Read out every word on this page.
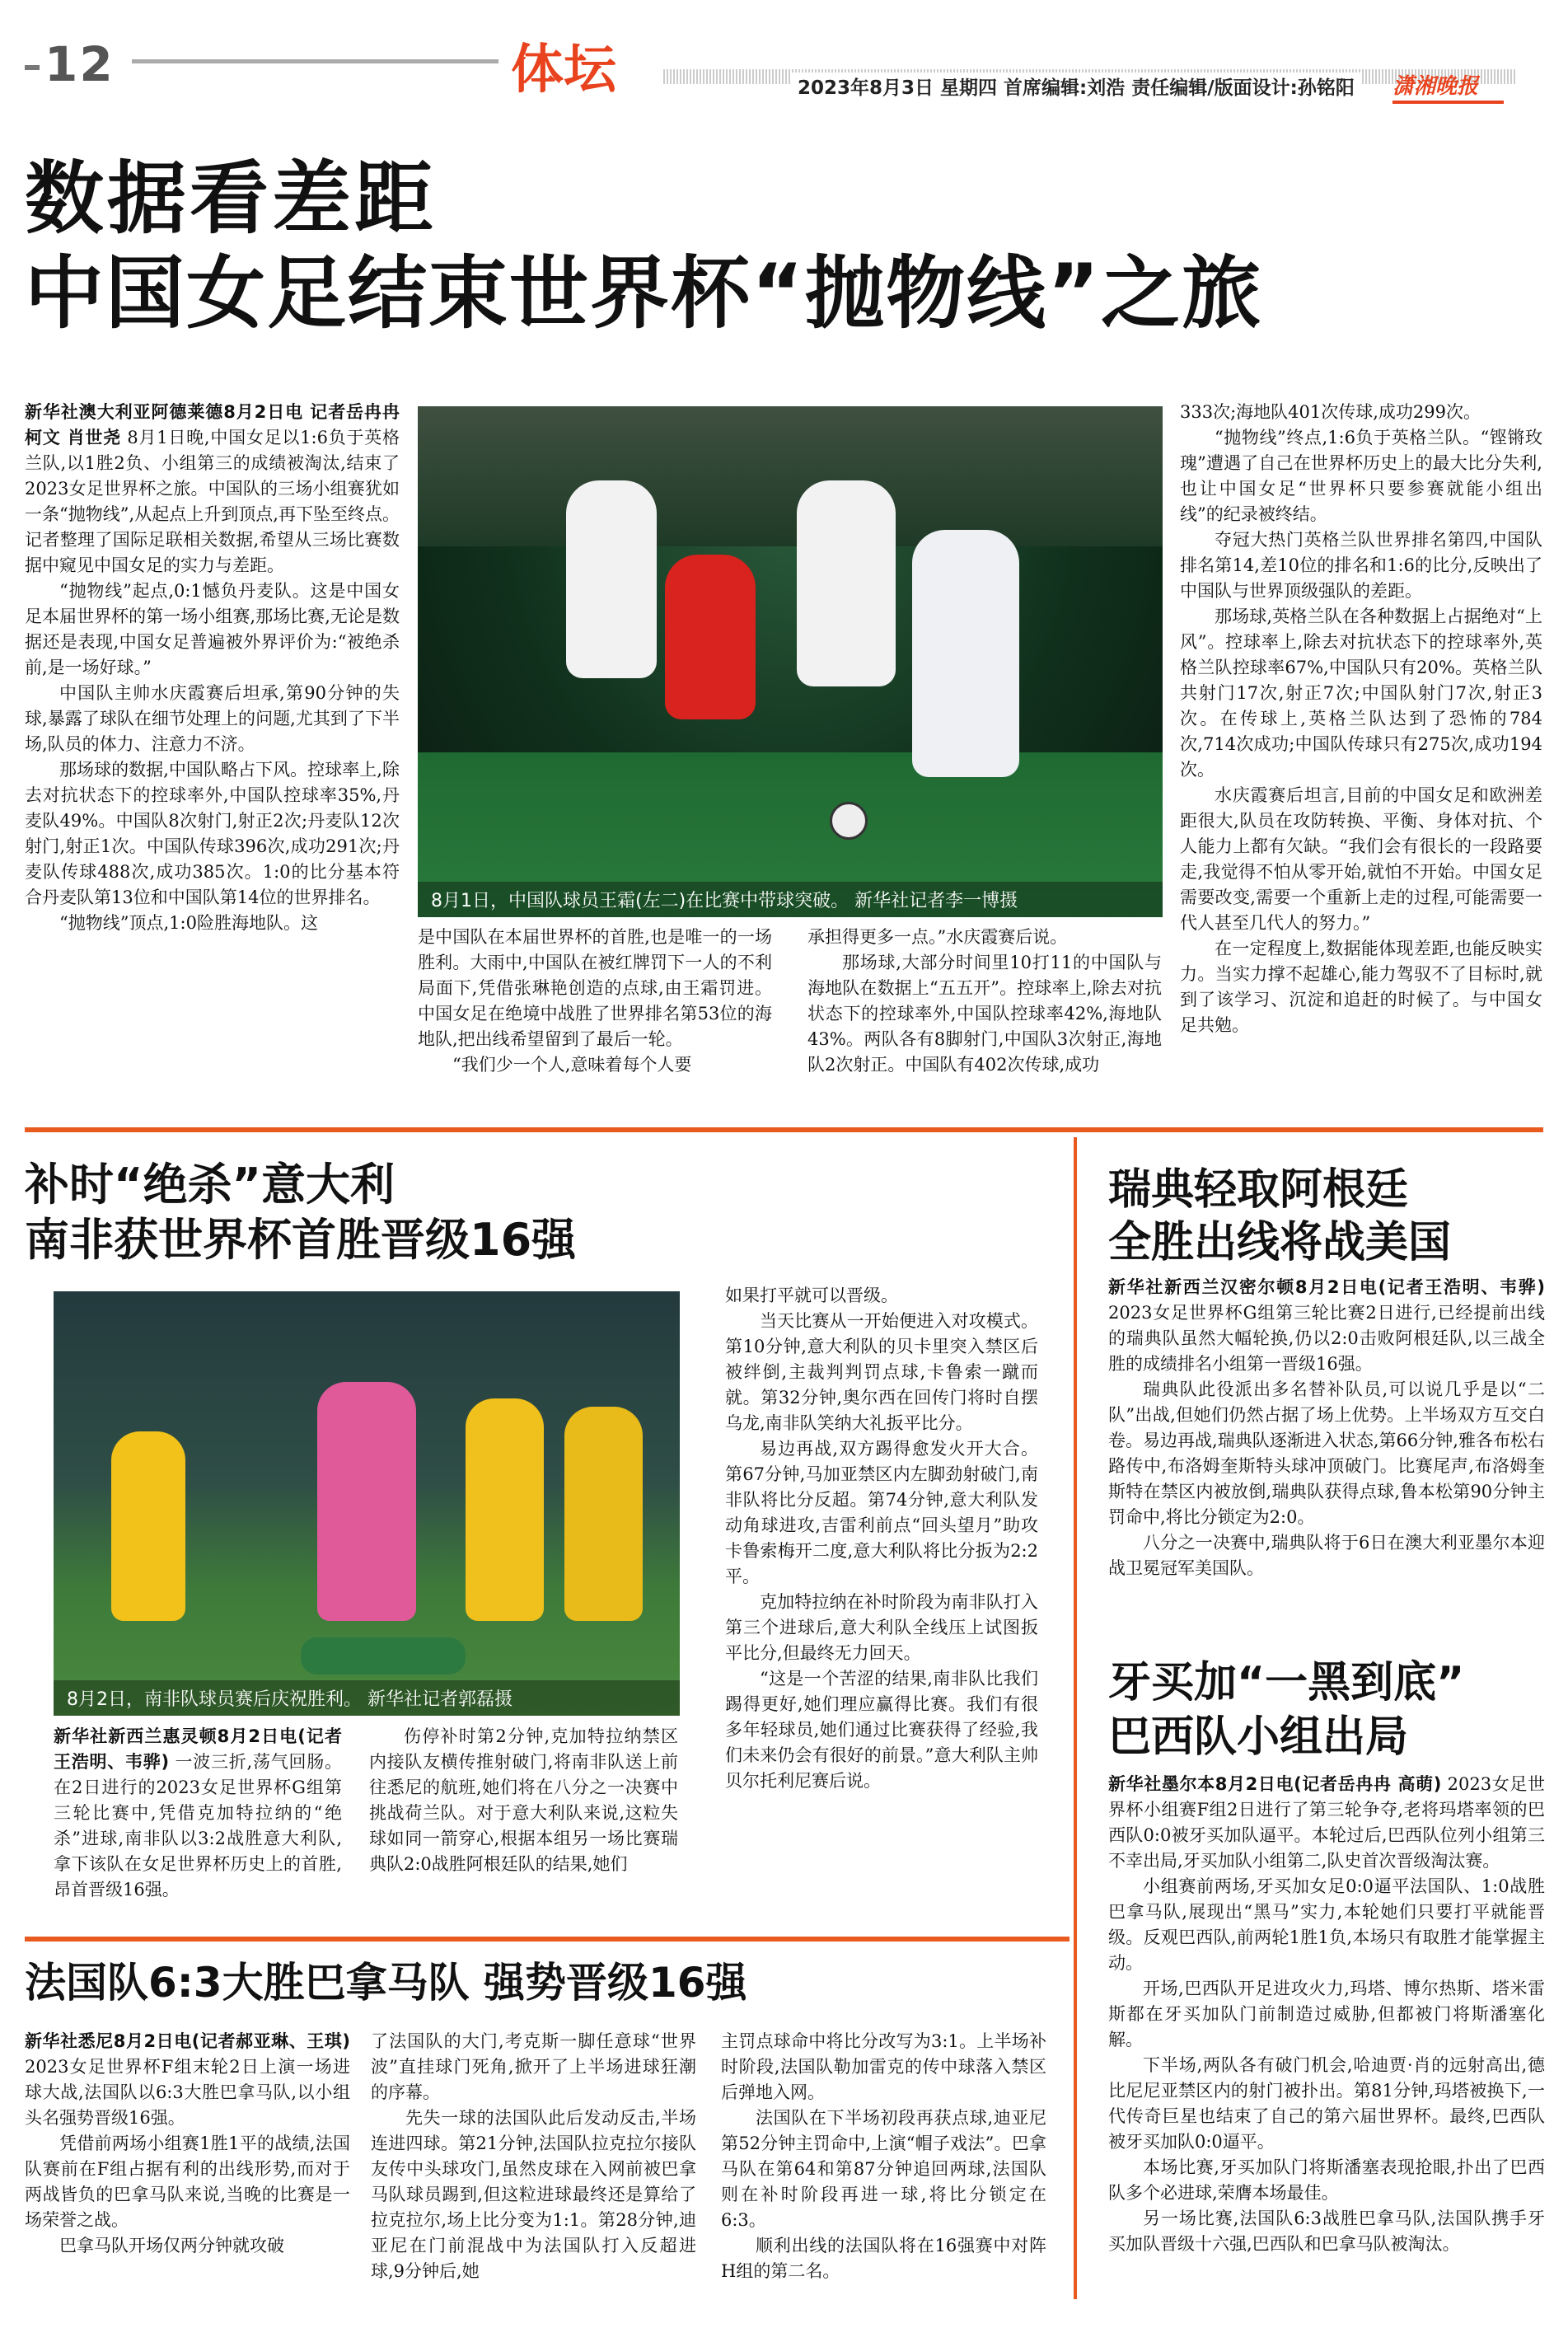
12	体坛	2023年8月3日 星期四 首席编辑:刘浩 责任编辑/版面设计:孙铭阳	潇湘晚报
数据看差距
中国女足结束世界杯“抛物线”之旅
8月1日，中国队球员王霜(左二)在比赛中带球突破。 新华社记者李一博摄

新华社澳大利亚阿德莱德8月2日电 记者岳冉冉 柯文 肖世尧 8月1日晚,中国女足以1:6负于英格兰队,以1胜2负、小组第三的成绩被淘汰,结束了2023女足世界杯之旅。中国队的三场小组赛犹如一条“抛物线”,从起点上升到顶点,再下坠至终点。记者整理了国际足联相关数据,希望从三场比赛数据中窥见中国女足的实力与差距。

“抛物线”起点,0:1憾负丹麦队。这是中国女足本届世界杯的第一场小组赛,那场比赛,无论是数据还是表现,中国女足普遍被外界评价为:“被绝杀前,是一场好球。”

中国队主帅水庆霞赛后坦承,第90分钟的失球,暴露了球队在细节处理上的问题,尤其到了下半场,队员的体力、注意力不济。

那场球的数据,中国队略占下风。控球率上,除去对抗状态下的控球率外,中国队控球率35%,丹麦队49%。中国队8次射门,射正2次;丹麦队12次射门,射正1次。中国队传球396次,成功291次;丹麦队传球488次,成功385次。1:0的比分基本符合丹麦队第13位和中国队第14位的世界排名。

“抛物线”顶点,1:0险胜海地队。这

是中国队在本届世界杯的首胜,也是唯一的一场胜利。大雨中,中国队在被红牌罚下一人的不利局面下,凭借张琳艳创造的点球,由王霜罚进。中国女足在绝境中战胜了世界排名第53位的海地队,把出线希望留到了最后一轮。

“我们少一个人,意味着每个人要

承担得更多一点。”水庆霞赛后说。

那场球,大部分时间里10打11的中国队与海地队在数据上“五五开”。控球率上,除去对抗状态下的控球率外,中国队控球率42%,海地队43%。两队各有8脚射门,中国队3次射正,海地队2次射正。中国队有402次传球,成功

333次;海地队401次传球,成功299次。

“抛物线”终点,1:6负于英格兰队。“铿锵玫瑰”遭遇了自己在世界杯历史上的最大比分失利,也让中国女足“世界杯只要参赛就能小组出线”的纪录被终结。

夺冠大热门英格兰队世界排名第四,中国队排名第14,差10位的排名和1:6的比分,反映出了中国队与世界顶级强队的差距。

那场球,英格兰队在各种数据上占据绝对“上风”。控球率上,除去对抗状态下的控球率外,英格兰队控球率67%,中国队只有20%。英格兰队共射门17次,射正7次;中国队射门7次,射正3次。在传球上,英格兰队达到了恐怖的784次,714次成功;中国队传球只有275次,成功194次。

水庆霞赛后坦言,目前的中国女足和欧洲差距很大,队员在攻防转换、平衡、身体对抗、个人能力上都有欠缺。“我们会有很长的一段路要走,我觉得不怕从零开始,就怕不开始。中国女足需要改变,需要一个重新上走的过程,可能需要一代人甚至几代人的努力。”

在一定程度上,数据能体现差距,也能反映实力。当实力撑不起雄心,能力驾驭不了目标时,就到了该学习、沉淀和追赶的时候了。与中国女足共勉。

补时“绝杀”意大利
南非获世界杯首胜晋级16强
8月2日，南非队球员赛后庆祝胜利。 新华社记者郭磊摄

新华社新西兰惠灵顿8月2日电(记者王浩明、韦骅) 一波三折,荡气回肠。在2日进行的2023女足世界杯G组第三轮比赛中,凭借克加特拉纳的“绝杀”进球,南非队以3:2战胜意大利队,拿下该队在女足世界杯历史上的首胜,昂首晋级16强。

伤停补时第2分钟,克加特拉纳禁区内接队友横传推射破门,将南非队送上前往悉尼的航班,她们将在八分之一决赛中挑战荷兰队。对于意大利队来说,这粒失球如同一箭穿心,根据本组另一场比赛瑞典队2:0战胜阿根廷队的结果,她们

如果打平就可以晋级。

当天比赛从一开始便进入对攻模式。第10分钟,意大利队的贝卡里突入禁区后被绊倒,主裁判判罚点球,卡鲁索一蹴而就。第32分钟,奥尔西在回传门将时自摆乌龙,南非队笑纳大礼扳平比分。

易边再战,双方踢得愈发火开大合。第67分钟,马加亚禁区内左脚劲射破门,南非队将比分反超。第74分钟,意大利队发动角球进攻,吉雷利前点“回头望月”助攻卡鲁索梅开二度,意大利队将比分扳为2:2平。

克加特拉纳在补时阶段为南非队打入第三个进球后,意大利队全线压上试图扳平比分,但最终无力回天。

“这是一个苦涩的结果,南非队比我们踢得更好,她们理应赢得比赛。我们有很多年轻球员,她们通过比赛获得了经验,我们未来仍会有很好的前景。”意大利队主帅贝尔托利尼赛后说。

法国队6:3大胜巴拿马队 强势晋级16强

新华社悉尼8月2日电(记者郝亚琳、王琪) 2023女足世界杯F组末轮2日上演一场进球大战,法国队以6:3大胜巴拿马队,以小组头名强势晋级16强。

凭借前两场小组赛1胜1平的战绩,法国队赛前在F组占据有利的出线形势,而对于两战皆负的巴拿马队来说,当晚的比赛是一场荣誉之战。

巴拿马队开场仅两分钟就攻破

了法国队的大门,考克斯一脚任意球“世界波”直挂球门死角,掀开了上半场进球狂潮的序幕。

先失一球的法国队此后发动反击,半场连进四球。第21分钟,法国队拉克拉尔接队友传中头球攻门,虽然皮球在入网前被巴拿马队球员踢到,但这粒进球最终还是算给了拉克拉尔,场上比分变为1:1。第28分钟,迪亚尼在门前混战中为法国队打入反超进球,9分钟后,她

主罚点球命中将比分改写为3:1。上半场补时阶段,法国队勒加雷克的传中球落入禁区后弹地入网。

法国队在下半场初段再获点球,迪亚尼第52分钟主罚命中,上演“帽子戏法”。巴拿马队在第64和第87分钟追回两球,法国队则在补时阶段再进一球,将比分锁定在6:3。

顺利出线的法国队将在16强赛中对阵H组的第二名。

瑞典轻取阿根廷
全胜出线将战美国

新华社新西兰汉密尔顿8月2日电(记者王浩明、韦骅) 2023女足世界杯G组第三轮比赛2日进行,已经提前出线的瑞典队虽然大幅轮换,仍以2:0击败阿根廷队,以三战全胜的成绩排名小组第一晋级16强。

瑞典队此役派出多名替补队员,可以说几乎是以“二队”出战,但她们仍然占据了场上优势。上半场双方互交白卷。易边再战,瑞典队逐渐进入状态,第66分钟,雅各布松右路传中,布洛姆奎斯特头球冲顶破门。比赛尾声,布洛姆奎斯特在禁区内被放倒,瑞典队获得点球,鲁本松第90分钟主罚命中,将比分锁定为2:0。

八分之一决赛中,瑞典队将于6日在澳大利亚墨尔本迎战卫冕冠军美国队。

牙买加“一黑到底”
巴西队小组出局

新华社墨尔本8月2日电(记者岳冉冉 高萌) 2023女足世界杯小组赛F组2日进行了第三轮争夺,老将玛塔率领的巴西队0:0被牙买加队逼平。本轮过后,巴西队位列小组第三不幸出局,牙买加队小组第二,队史首次晋级淘汰赛。

小组赛前两场,牙买加女足0:0逼平法国队、1:0战胜巴拿马队,展现出“黑马”实力,本轮她们只要打平就能晋级。反观巴西队,前两轮1胜1负,本场只有取胜才能掌握主动。

开场,巴西队开足进攻火力,玛塔、博尔热斯、塔米雷斯都在牙买加队门前制造过威胁,但都被门将斯潘塞化解。

下半场,两队各有破门机会,哈迪贾·肖的远射高出,德比尼尼亚禁区内的射门被扑出。第81分钟,玛塔被换下,一代传奇巨星也结束了自己的第六届世界杯。最终,巴西队被牙买加队0:0逼平。

本场比赛,牙买加队门将斯潘塞表现抢眼,扑出了巴西队多个必进球,荣膺本场最佳。

另一场比赛,法国队6:3战胜巴拿马队,法国队携手牙买加队晋级十六强,巴西队和巴拿马队被淘汰。
